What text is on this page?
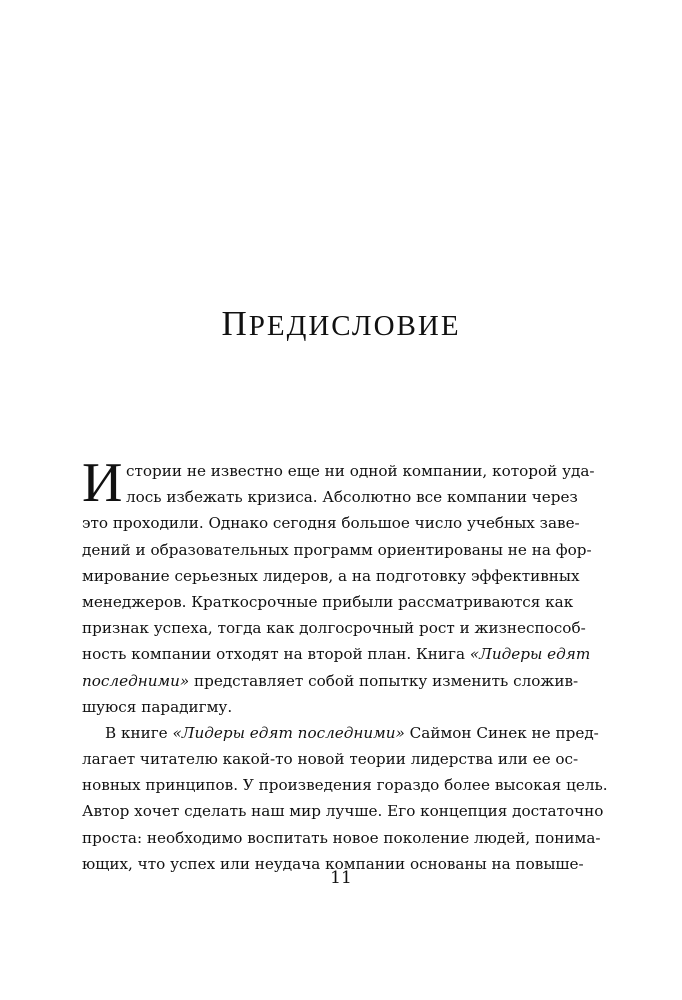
ПРЕДИСЛОВИЕ
И стории не известно еще ни одной компании, которой уда-
лось избежать кризиса. Абсолютно все компании через
это проходили. Однако сегодня большое число учебных заве-
дений и образовательных программ ориентированы не на фор-
мирование серьезных лидеров, а на подготовку эффективных
менеджеров. Краткосрочные прибыли рассматриваются как
признак успеха, тогда как долгосрочный рост и жизнеспособ-
ность компании отходят на второй план. Книга «Лидеры едят
последними» представляет собой попытку изменить сложив-
шуюся парадигму.
В книге «Лидеры едят последними» Саймон Синек не пред-
лагает читателю какой-то новой теории лидерства или ее ос-
новных принципов. У произведения гораздо более высокая цель.
Автор хочет сделать наш мир лучше. Его концепция достаточно
проста: необходимо воспитать новое поколение людей, понима-
ющих, что успех или неудача компании основаны на повыше-
11
